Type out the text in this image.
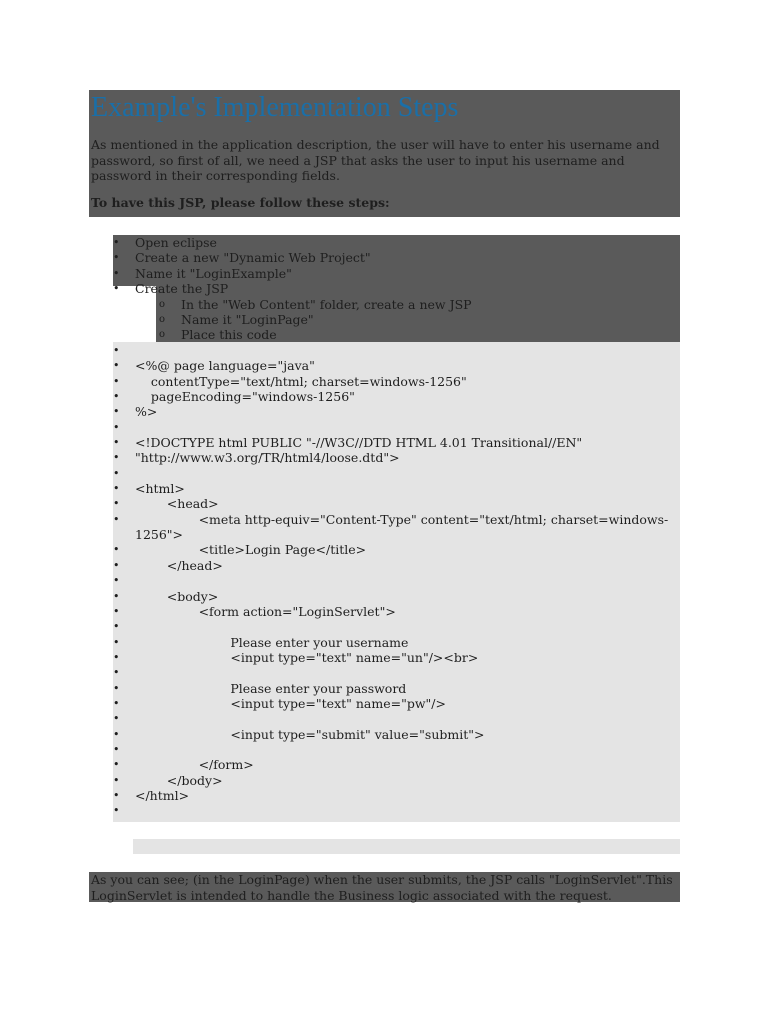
Example's Implementation Steps

As mentioned in the application description, the user will have to enter his username and password, so first of all, we need a JSP that asks the user to input his username and password in their corresponding fields.

To have this JSP, please follow these steps:

• Open eclipse
• Create a new "Dynamic Web Project"
• Name it "LoginExample"
• Create the JSP
o In the "Web Content" folder, create a new JSP
o Name it "LoginPage"
o Place this code
•
• <%@ page language="java"
•     contentType="text/html; charset=windows-1256"
•     pageEncoding="windows-1256"
• %>
•
• <!DOCTYPE html PUBLIC "-//W3C//DTD HTML 4.01 Transitional//EN"
• "http://www.w3.org/TR/html4/loose.dtd">
•
• <html>
•	<head>
•		<meta http-equiv="Content-Type" content="text/html; charset=windows-1256">
•		<title>Login Page</title>
•	</head>
•
•	<body>
•		<form action="LoginServlet">
•
•			Please enter your username
•			<input type="text" name="un"/><br>
•
•			Please enter your password
•			<input type="text" name="pw"/>
•
•			<input type="submit" value="submit">
•
•		</form>
•	</body>
• </html>
•
As you can see; (in the LoginPage) when the user submits, the JSP calls "LoginServlet".This LoginServlet is intended to handle the Business logic associated with the request.
